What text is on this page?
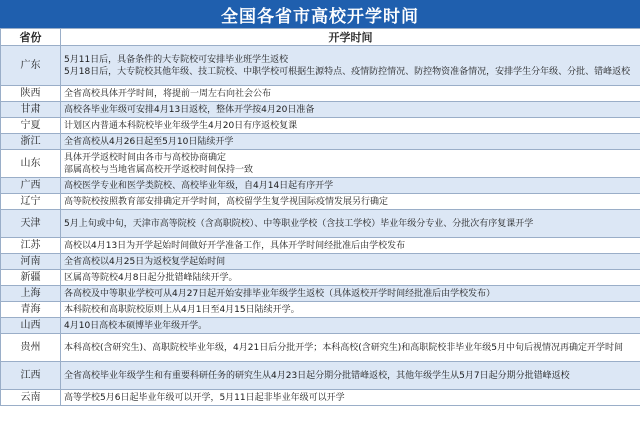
全国各省市高校开学时间
省份	开学时间
广东	5月11日后，具备条件的大专院校可安排毕业班学生返校
5月18日后，大专院校其他年级、技工院校、中职学校可根据生源特点、疫情防控情况、防控物资准备情况，安排学生分年级、分批、错峰返校

陕西	全省高校具体开学时间，将提前一周左右向社会公布

甘肃	高校各毕业年级可安排4月13日返校，整体开学按4月20日准备

宁夏	计划区内普通本科院校毕业年级学生4月20日有序返校复课

浙江	全省高校从4月26日起至5月10日陆续开学

山东	具体开学返校时间由各市与高校协商确定
部属高校与当地省属高校开学返校时间保持一致

广西	高校医学专业和医学类院校、高校毕业年级，自4月14日起有序开学

辽宁	高等院校按照教育部安排确定开学时间，高校留学生复学视国际疫情发展另行确定

天津	5月上旬或中旬，天津市高等院校（含高职院校）、中等职业学校（含技工学校）毕业年级分专业、分批次有序复课开学

江苏	高校以4月13日为开学起始时间做好开学准备工作，具体开学时间经批准后由学校发布

河南	全省高校以4月25日为返校复学起始时间

新疆	区属高等院校4月8日起分批错峰陆续开学。

上海	各高校及中等职业学校可从4月27日起开始安排毕业年级学生返校（具体返校开学时间经批准后由学校发布）

青海	本科院校和高职院校原则上从4月1日至4月15日陆续开学。

山西	4月10日高校本硕博毕业年级开学。

贵州	本科高校(含研究生)、高职院校毕业年级，4月21日后分批开学；本科高校(含研究生)和高职院校非毕业年级5月中旬后视情况再确定开学时间

江西	全省高校毕业年级学生和有重要科研任务的研究生从4月23日起分期分批错峰返校，其他年级学生从5月7日起分期分批错峰返校

云南	高等学校5月6日起毕业年级可以开学，5月11日起非毕业年级可以开学
